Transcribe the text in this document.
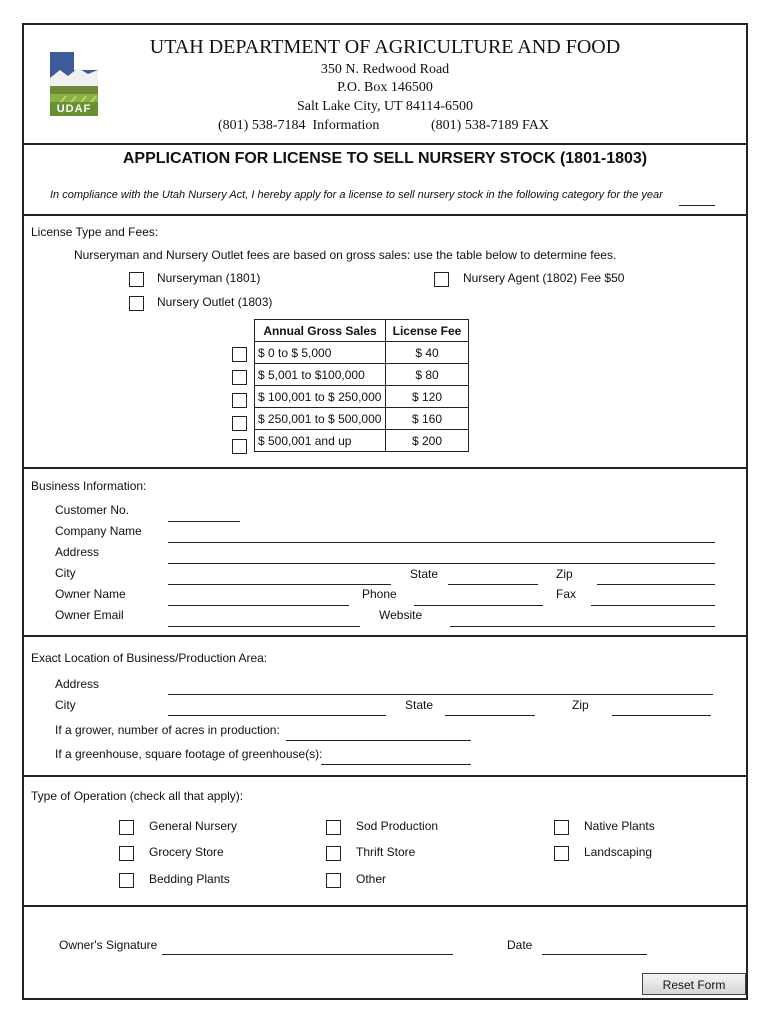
UDAF
UTAH DEPARTMENT OF AGRICULTURE AND FOOD
350 N. Redwood Road
P.O. Box 146500
Salt Lake City, UT 84114-6500
(801) 538-7184 Information	(801) 538-7189 FAX
APPLICATION FOR LICENSE TO SELL NURSERY STOCK (1801-1803)
In compliance with the Utah Nursery Act, I hereby apply for a license to sell nursery stock in the following category for the year
License Type and Fees:
Nurseryman and Nursery Outlet fees are based on gross sales: use the table below to determine fees.
Nurseryman (1801)	Nursery Agent (1802) Fee $50
Nursery Outlet (1803)
Annual Gross Sales	License Fee
$ 0 to $ 5,000	$ 40
$ 5,001 to $100,000	$ 80
$ 100,001 to $ 250,000	$ 120
$ 250,001 to $ 500,000	$ 160
$ 500,001 and up	$ 200
Business Information:
Customer No.
Company Name
Address
City	State	Zip
Owner Name	Phone	Fax
Owner Email	Website
Exact Location of Business/Production Area:
Address
City	State	Zip
If a grower, number of acres in production:
If a greenhouse, square footage of greenhouse(s):
Type of Operation (check all that apply):
General Nursery	Sod Production	Native Plants
Grocery Store	Thrift Store	Landscaping
Bedding Plants	Other
Owner's Signature	Date
Reset Form
